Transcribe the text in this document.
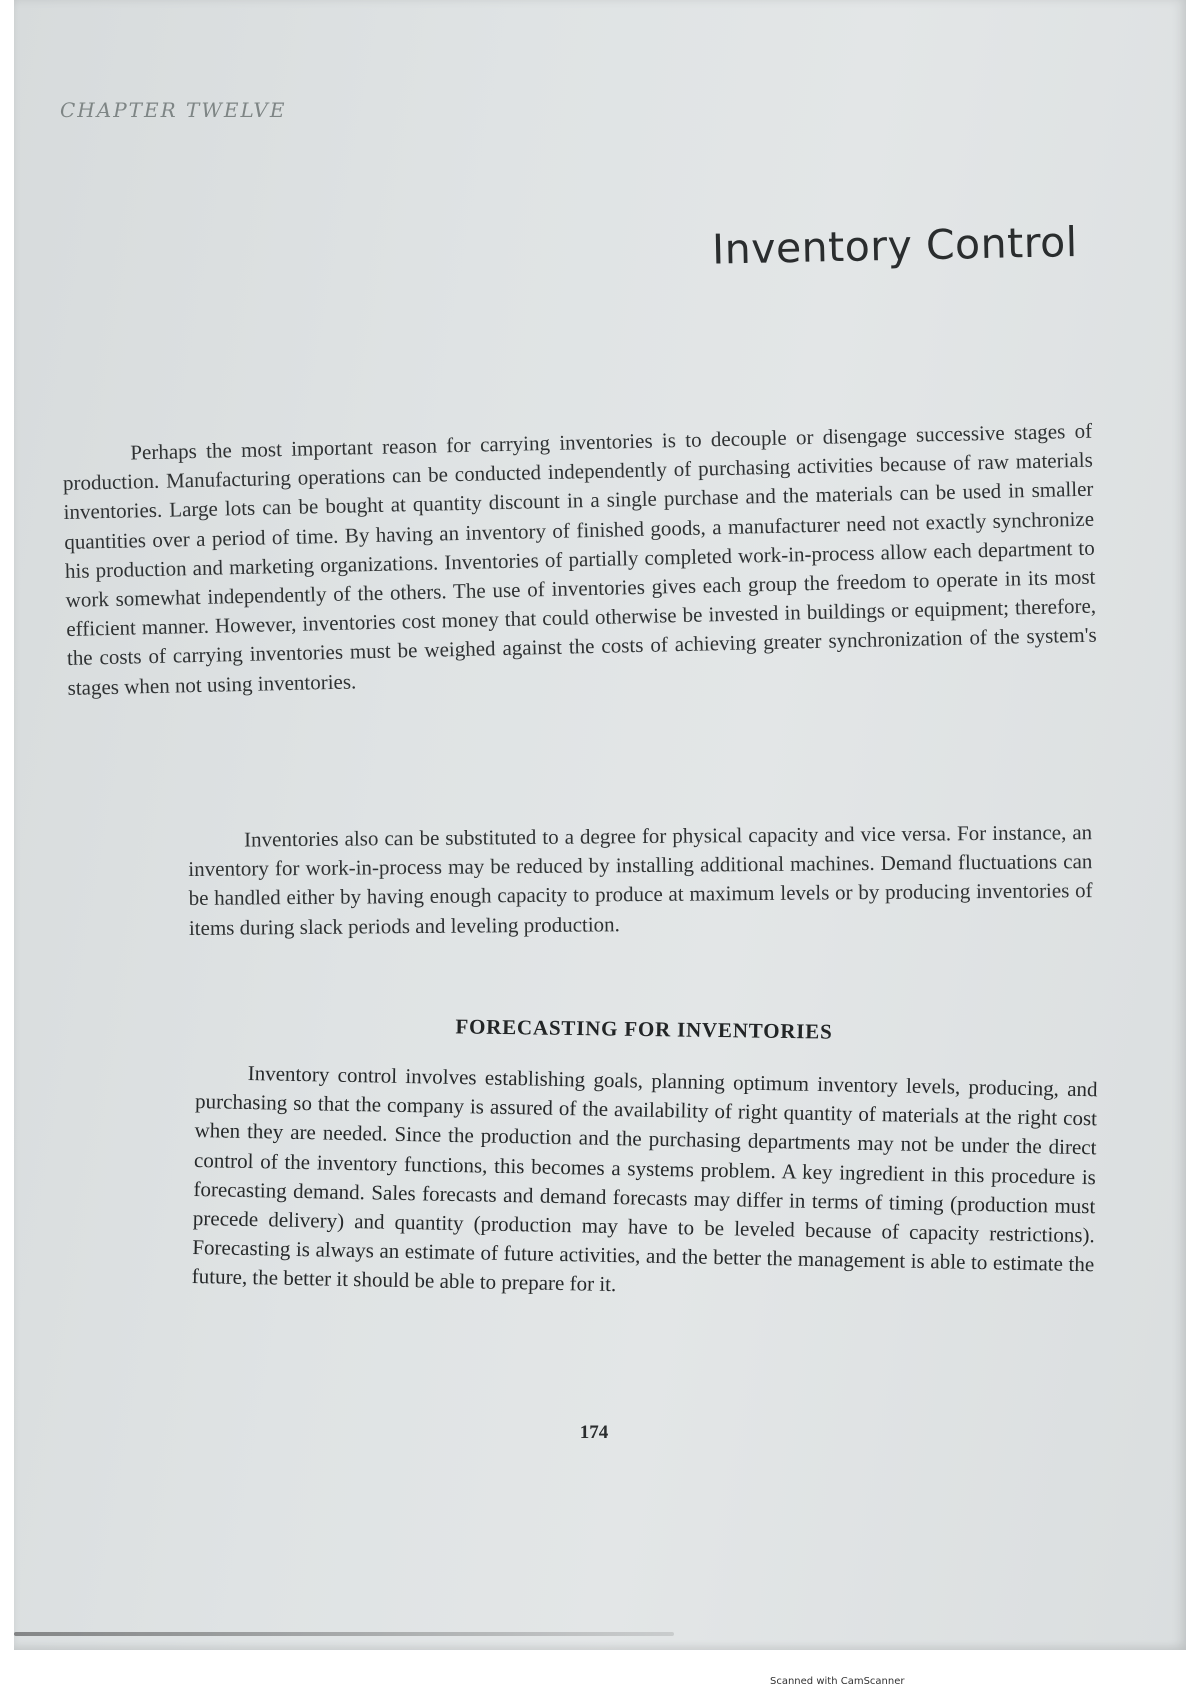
CHAPTER TWELVE
Inventory Control

Perhaps the most important reason for carrying inventories is to decouple or disengage successive stages of production. Manufacturing operations can be conducted independently of purchasing activities because of raw materials inventories. Large lots can be bought at quantity discount in a single purchase and the materials can be used in smaller quantities over a period of time. By having an inventory of finished goods, a manufacturer need not exactly synchronize his production and marketing organizations. Inventories of partially completed work-in-process allow each department to work somewhat independently of the others. The use of inventories gives each group the freedom to operate in its most efficient manner. However, inventories cost money that could otherwise be invested in buildings or equipment; therefore, the costs of carrying inventories must be weighed against the costs of achieving greater synchronization of the system's stages when not using inventories.

Inventories also can be substituted to a degree for physical capacity and vice versa. For instance, an inventory for work-in-process may be reduced by installing additional machines. Demand fluctuations can be handled either by having enough capacity to produce at maximum levels or by producing inventories of items during slack periods and leveling production.

FORECASTING FOR INVENTORIES

Inventory control involves establishing goals, planning optimum inventory levels, producing, and purchasing so that the company is assured of the availability of right quantity of materials at the right cost when they are needed. Since the production and the purchasing departments may not be under the direct control of the inventory functions, this becomes a systems problem. A key ingredient in this procedure is forecasting demand. Sales forecasts and demand forecasts may differ in terms of timing (production must precede delivery) and quantity (production may have to be leveled because of capacity restrictions). Forecasting is always an estimate of future activities, and the better the management is able to estimate the future, the better it should be able to prepare for it.

174
Scanned with CamScanner
